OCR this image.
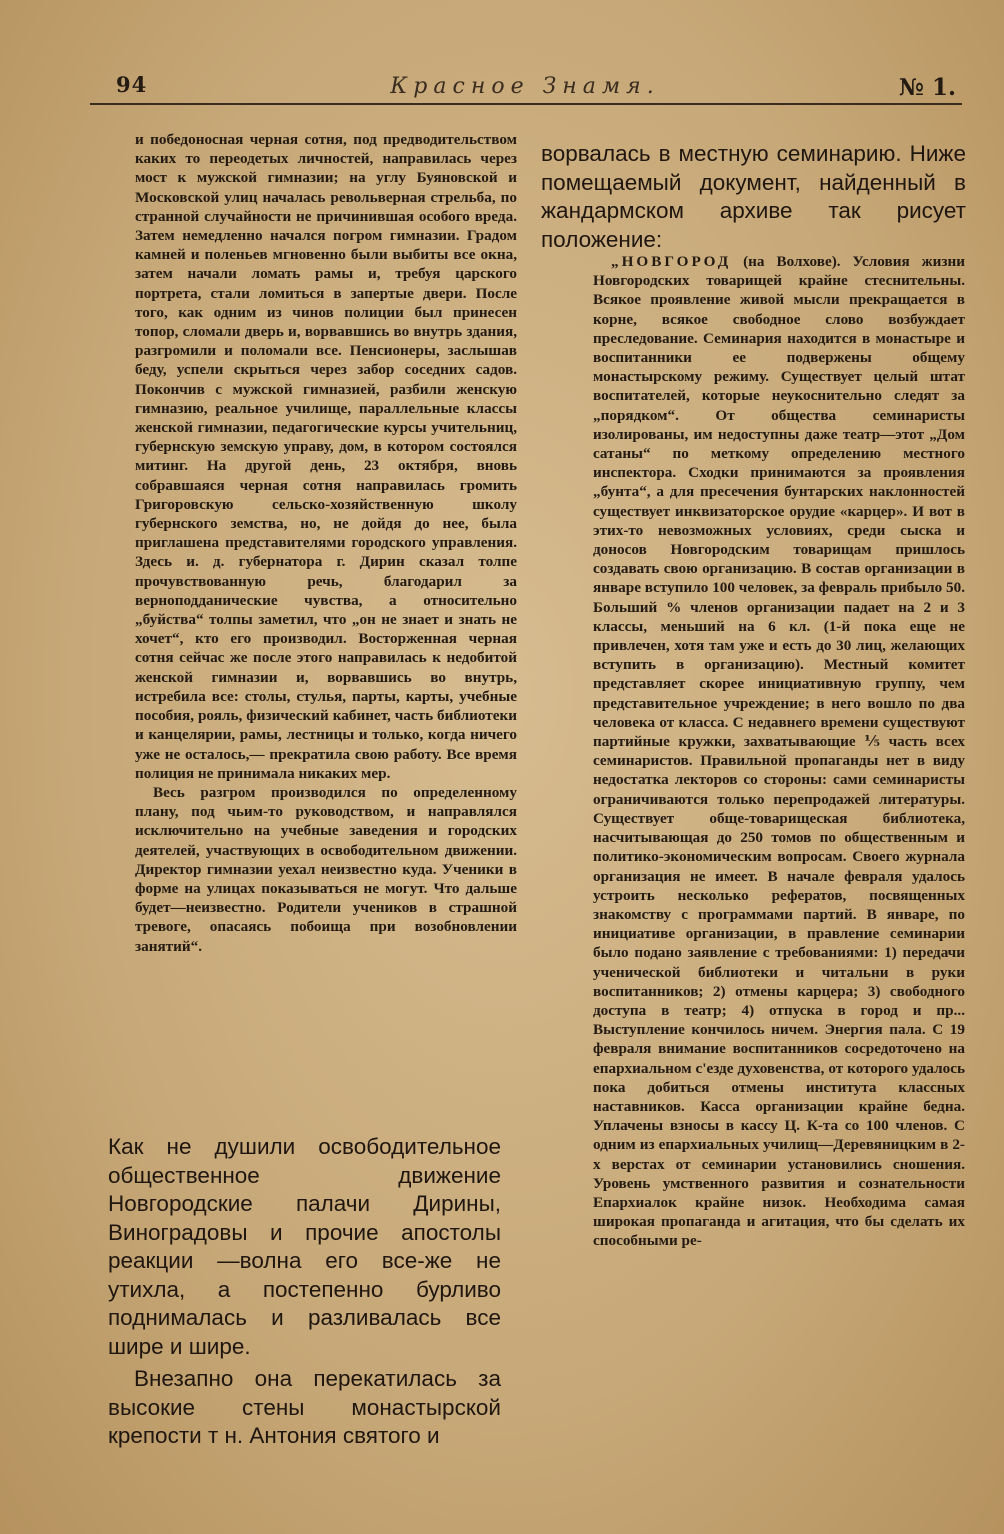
94	Красное Знамя.	№ 1.

и победоносная черная сотня, под предводительством каких то переодетых личностей, направилась через мост к мужской гимназии; на углу Буяновской и Московской улиц началась револьверная стрельба, по странной случайности не причинившая особого вреда. Затем немедленно начался погром гимназии. Градом камней и поленьев мгновенно были выбиты все окна, затем начали ломать рамы и, требуя царского портрета, стали ломиться в запертые двери. После того, как одним из чинов полиции был принесен топор, сломали дверь и, ворвавшись во внутрь здания, разгромили и поломали все. Пенсионеры, заслышав беду, успели скрыться через забор соседних садов. Покончив с мужской гимназией, разбили женскую гимназию, реальное училище, параллельные классы женской гимназии, педагогические курсы учительниц, губернскую земскую управу, дом, в котором состоялся митинг. На другой день, 23 октября, вновь собравшаяся черная сотня направилась громить Григоровскую сельско-хозяйственную школу губернского земства, но, не дойдя до нее, была приглашена представителями городского управления. Здесь и. д. губернатора г. Дирин сказал толпе прочувствованную речь, благодарил за верноподданические чувства, а относительно „буйства“ толпы заметил, что „он не знает и знать не хочет“, кто его производил. Восторженная черная сотня сейчас же после этого направилась к недобитой женской гимназии и, ворвавшись во внутрь, истребила все: столы, стулья, парты, карты, учебные пособия, рояль, физический кабинет, часть библиотеки и канцелярии, рамы, лестницы и только, когда ничего уже не осталось,— прекратила свою работу. Все время полиция не принимала никаких мер.

Весь разгром производился по определенному плану, под чьим-то руководством, и направлялся исключительно на учебные заведения и городских деятелей, участвующих в освободительном движении. Директор гимназии уехал неизвестно куда. Ученики в форме на улицах показываться не могут. Что дальше будет—неизвестно. Родители учеников в страшной тревоге, опасаясь побоища при возобновлении занятий“.

Как не душили освободительное общественное движение Новгородские палачи Дирины, Виноградовы и прочие апостолы реакции —волна его все-же не утихла, а постепенно бурливо поднималась и разливалась все шире и шире.

Внезапно она перекатилась за высокие стены монастырской крепости т н. Антония святого и

ворвалась в местную семинарию. Ниже помещаемый документ, найденный в жандармском архиве так рисует положение:

„НОВГОРОД (на Волхове). Условия жизни Новгородских товарищей крайне стеснительны. Всякое проявление живой мысли прекращается в корне, всякое свободное слово возбуждает преследование. Семинария находится в монастыре и воспитанники ее подвержены общему монастырскому режиму. Существует целый штат воспитателей, которые неукоснительно следят за „порядком“. От общества семинаристы изолированы, им недоступны даже театр—этот „Дом сатаны“ по меткому определению местного инспектора. Сходки принимаются за проявления „бунта“, а для пресечения бунтарских наклонностей существует инквизаторское орудие «карцер». И вот в этих-то невозможных условиях, среди сыска и доносов Новгородским товарищам пришлось создавать свою организацию. В состав организации в январе вступило 100 человек, за февраль прибыло 50. Больший % членов организации падает на 2 и 3 классы, меньший на 6 кл. (1-й пока еще не привлечен, хотя там уже и есть до 30 лиц, желающих вступить в организацию). Местный комитет представляет скорее инициативную группу, чем представительное учреждение; в него вошло по два человека от класса. С недавнего времени существуют партийные кружки, захватывающие ⅕ часть всех семинаристов. Правильной пропаганды нет в виду недостатка лекторов со стороны: сами семинаристы ограничиваются только перепродажей литературы. Существует обще-товарищеская библиотека, насчитывающая до 250 томов по общественным и политико-экономическим вопросам. Своего журнала организация не имеет. В начале февраля удалось устроить несколько рефератов, посвященных знакомству с программами партий. В январе, по инициативе организации, в правление семинарии было подано заявление с требованиями: 1) передачи ученической библиотеки и читальни в руки воспитанников; 2) отмены карцера; 3) свободного доступа в театр; 4) отпуска в город и пр... Выступление кончилось ничем. Энергия пала. С 19 февраля внимание воспитанников сосредоточено на епархиальном с'езде духовенства, от которого удалось пока добиться отмены института классных наставников. Касса организации крайне бедна. Уплачены взносы в кассу Ц. К-та со 100 членов. С одним из епархиальных училищ—Деревяницким в 2-х верстах от семинарии установились сношения. Уровень умственного развития и сознательности Епархиалок крайне низок. Необходима самая широкая пропаганда и агитация, что бы сделать их способными ре-
